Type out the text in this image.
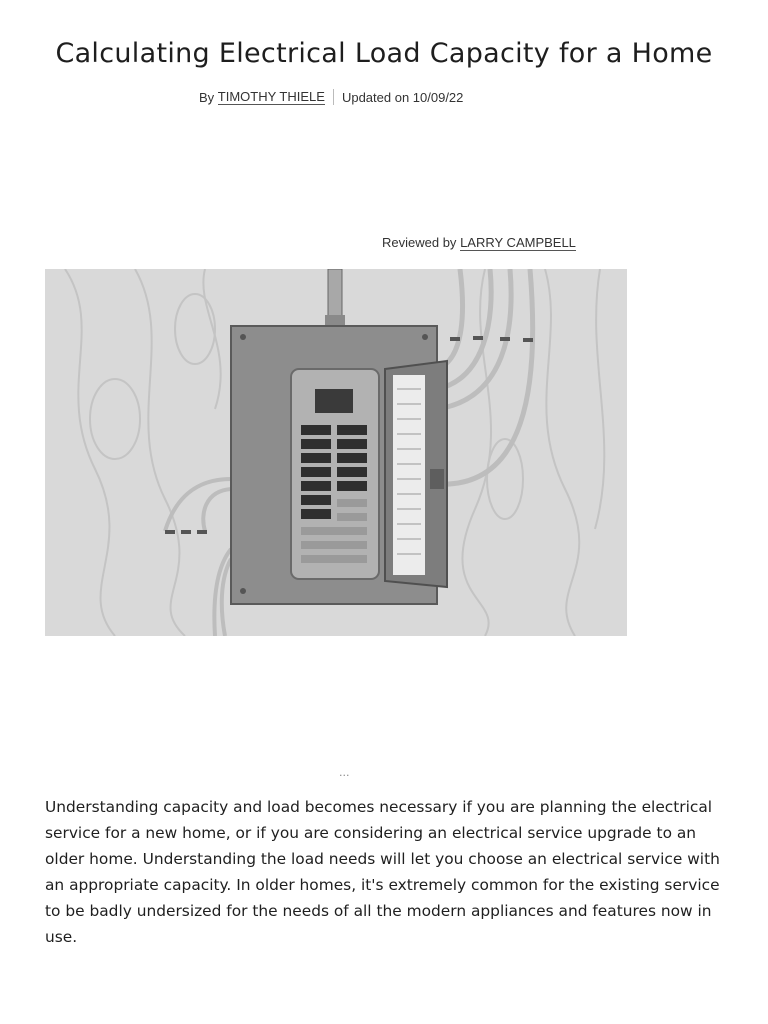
Calculating Electrical Load Capacity for a Home
By
TIMOTHY THIELE Updated on 10/09/22
Reviewed by LARRY CAMPBELL
...

Understanding capacity and load becomes necessary if you are planning the electrical service for a new home, or if you are considering an electrical service upgrade to an older home. Understanding the load needs will let you choose an electrical service with an appropriate capacity. In older homes, it's extremely common for the existing service to be badly undersized for the needs of all the modern appliances and features now in use.
